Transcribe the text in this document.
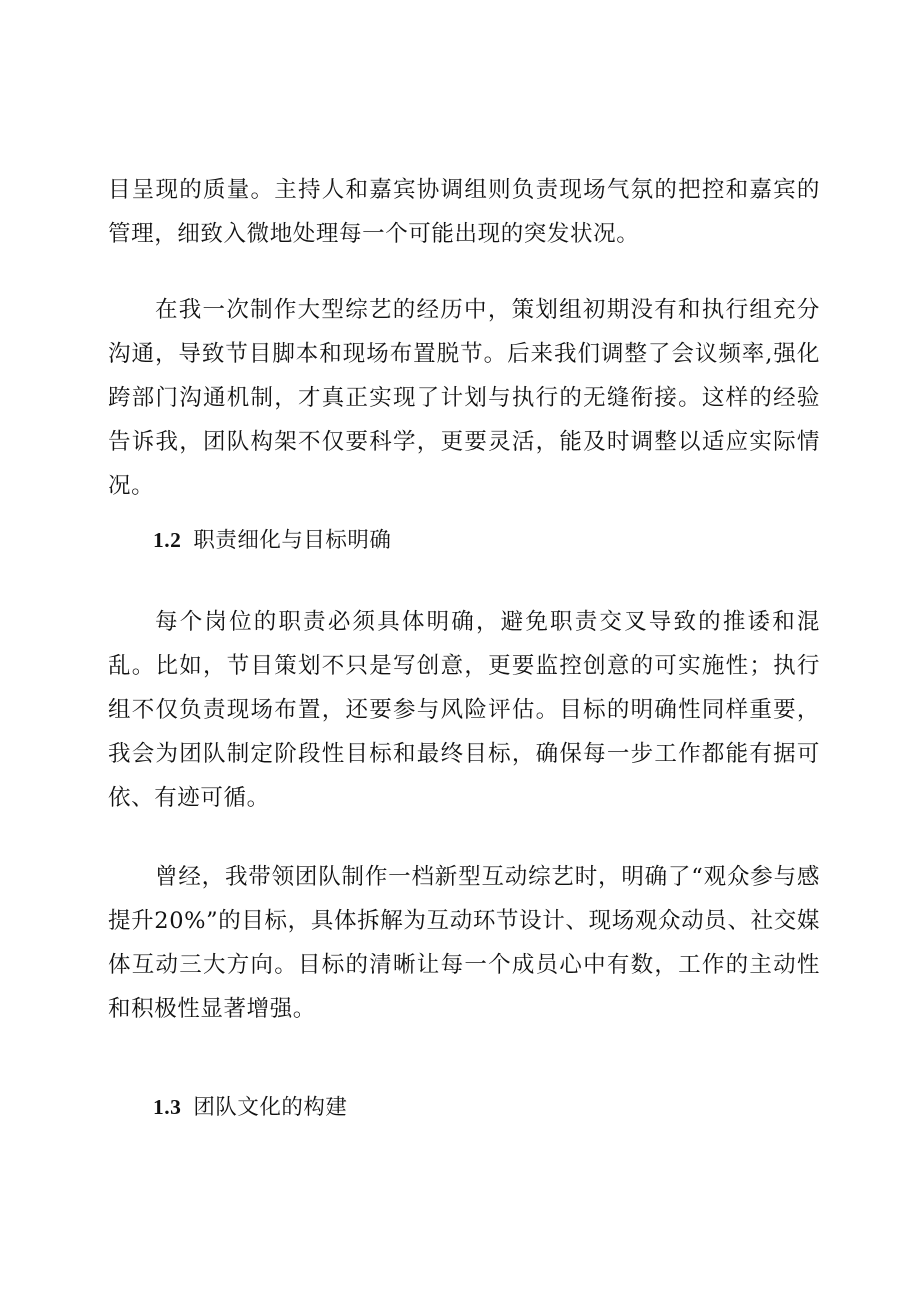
目呈现的质量。主持人和嘉宾协调组则负责现场气氛的把控和嘉宾的管理，细致入微地处理每一个可能出现的突发状况。

在我一次制作大型综艺的经历中，策划组初期没有和执行组充分沟通，导致节目脚本和现场布置脱节。后来我们调整了会议频率,强化跨部门沟通机制，才真正实现了计划与执行的无缝衔接。这样的经验告诉我，团队构架不仅要科学，更要灵活，能及时调整以适应实际情况。

1.2 职责细化与目标明确

每个岗位的职责必须具体明确，避免职责交叉导致的推诿和混乱。比如，节目策划不只是写创意，更要监控创意的可实施性；执行组不仅负责现场布置，还要参与风险评估。目标的明确性同样重要，我会为团队制定阶段性目标和最终目标，确保每一步工作都能有据可依、有迹可循。

曾经，我带领团队制作一档新型互动综艺时，明确了“观众参与感提升20%”的目标，具体拆解为互动环节设计、现场观众动员、社交媒体互动三大方向。目标的清晰让每一个成员心中有数，工作的主动性和积极性显著增强。

1.3 团队文化的构建
